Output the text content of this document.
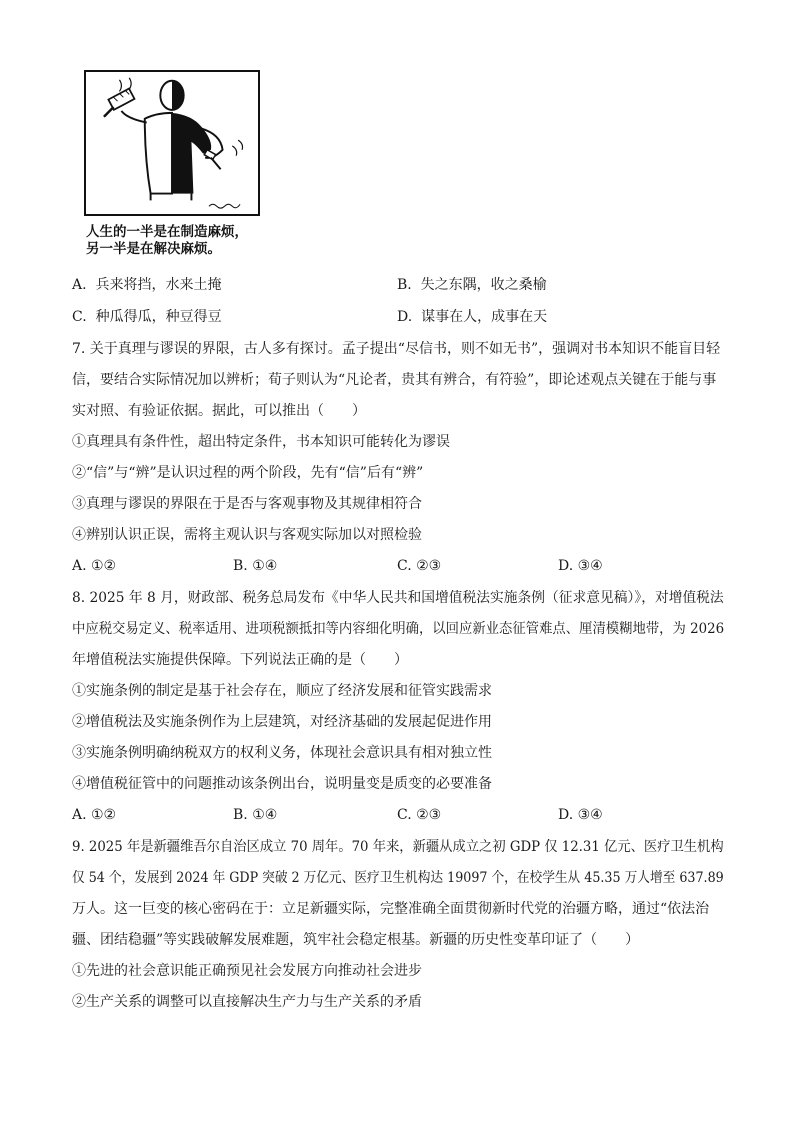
人生的一半是在制造麻烦，
另一半是在解决麻烦。
A. 兵来将挡，水来土掩	B. 失之东隅，收之桑榆
C. 种瓜得瓜，种豆得豆	D. 谋事在人，成事在天
7. 关于真理与谬误的界限，古人多有探讨。孟子提出“尽信书，则不如无书”，强调对书本知识不能盲目轻
信，要结合实际情况加以辨析；荀子则认为“凡论者，贵其有辨合，有符验”，即论述观点关键在于能与事
实对照、有验证依据。据此，可以推出（　　）
①真理具有条件性，超出特定条件，书本知识可能转化为谬误
②“信”与“辨”是认识过程的两个阶段，先有“信”后有“辨”
③真理与谬误的界限在于是否与客观事物及其规律相符合
④辨别认识正误，需将主观认识与客观实际加以对照检验
A. ①②	B. ①④	C. ②③	D. ③④
8. 2025 年 8 月，财政部、税务总局发布《中华人民共和国增值税法实施条例（征求意见稿）》，对增值税法
中应税交易定义、税率适用、进项税额抵扣等内容细化明确，以回应新业态征管难点、厘清模糊地带，为 2026
年增值税法实施提供保障。下列说法正确的是（　　）
①实施条例的制定是基于社会存在，顺应了经济发展和征管实践需求
②增值税法及实施条例作为上层建筑，对经济基础的发展起促进作用
③实施条例明确纳税双方的权利义务，体现社会意识具有相对独立性
④增值税征管中的问题推动该条例出台，说明量变是质变的必要准备
A. ①②	B. ①④	C. ②③	D. ③④
9. 2025 年是新疆维吾尔自治区成立 70 周年。70 年来，新疆从成立之初 GDP 仅 12.31 亿元、医疗卫生机构
仅 54 个，发展到 2024 年 GDP 突破 2 万亿元、医疗卫生机构达 19097 个，在校学生从 45.35 万人增至 637.89
万人。这一巨变的核心密码在于：立足新疆实际，完整准确全面贯彻新时代党的治疆方略，通过“依法治
疆、团结稳疆”等实践破解发展难题，筑牢社会稳定根基。新疆的历史性变革印证了（　　）
①先进的社会意识能正确预见社会发展方向推动社会进步
②生产关系的调整可以直接解决生产力与生产关系的矛盾
